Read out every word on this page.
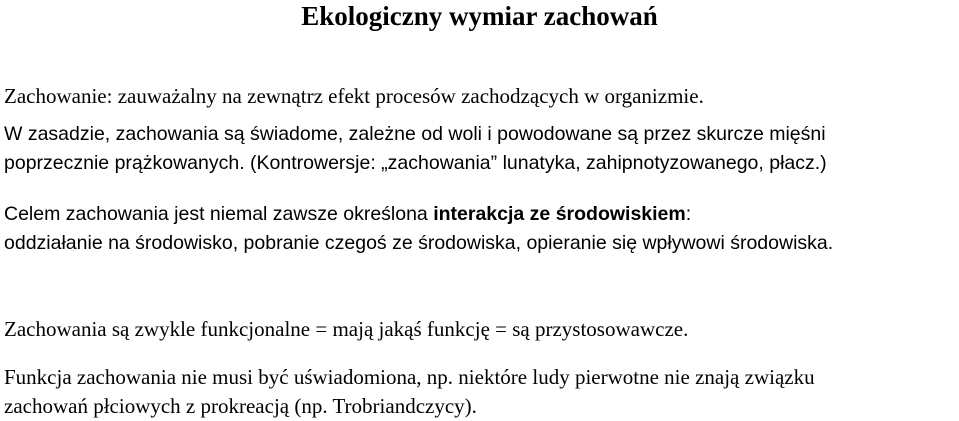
Ekologiczny wymiar zachowań

Zachowanie: zauważalny na zewnątrz efekt procesów zachodzących w organizmie.

W zasadzie, zachowania są świadome, zależne od woli i powodowane są przez skurcze mięśni
poprzecznie prążkowanych. (Kontrowersje: „zachowania” lunatyka, zahipnotyzowanego, płacz.)

Celem zachowania jest niemal zawsze określona interakcja ze środowiskiem:
oddziałanie na środowisko, pobranie czegoś ze środowiska, opieranie się wpływowi środowiska.

Zachowania są zwykle funkcjonalne = mają jakąś funkcję = są przystosowawcze.

Funkcja zachowania nie musi być uświadomiona, np. niektóre ludy pierwotne nie znają związku
zachowań płciowych z prokreacją (np. Trobriandczycy).
